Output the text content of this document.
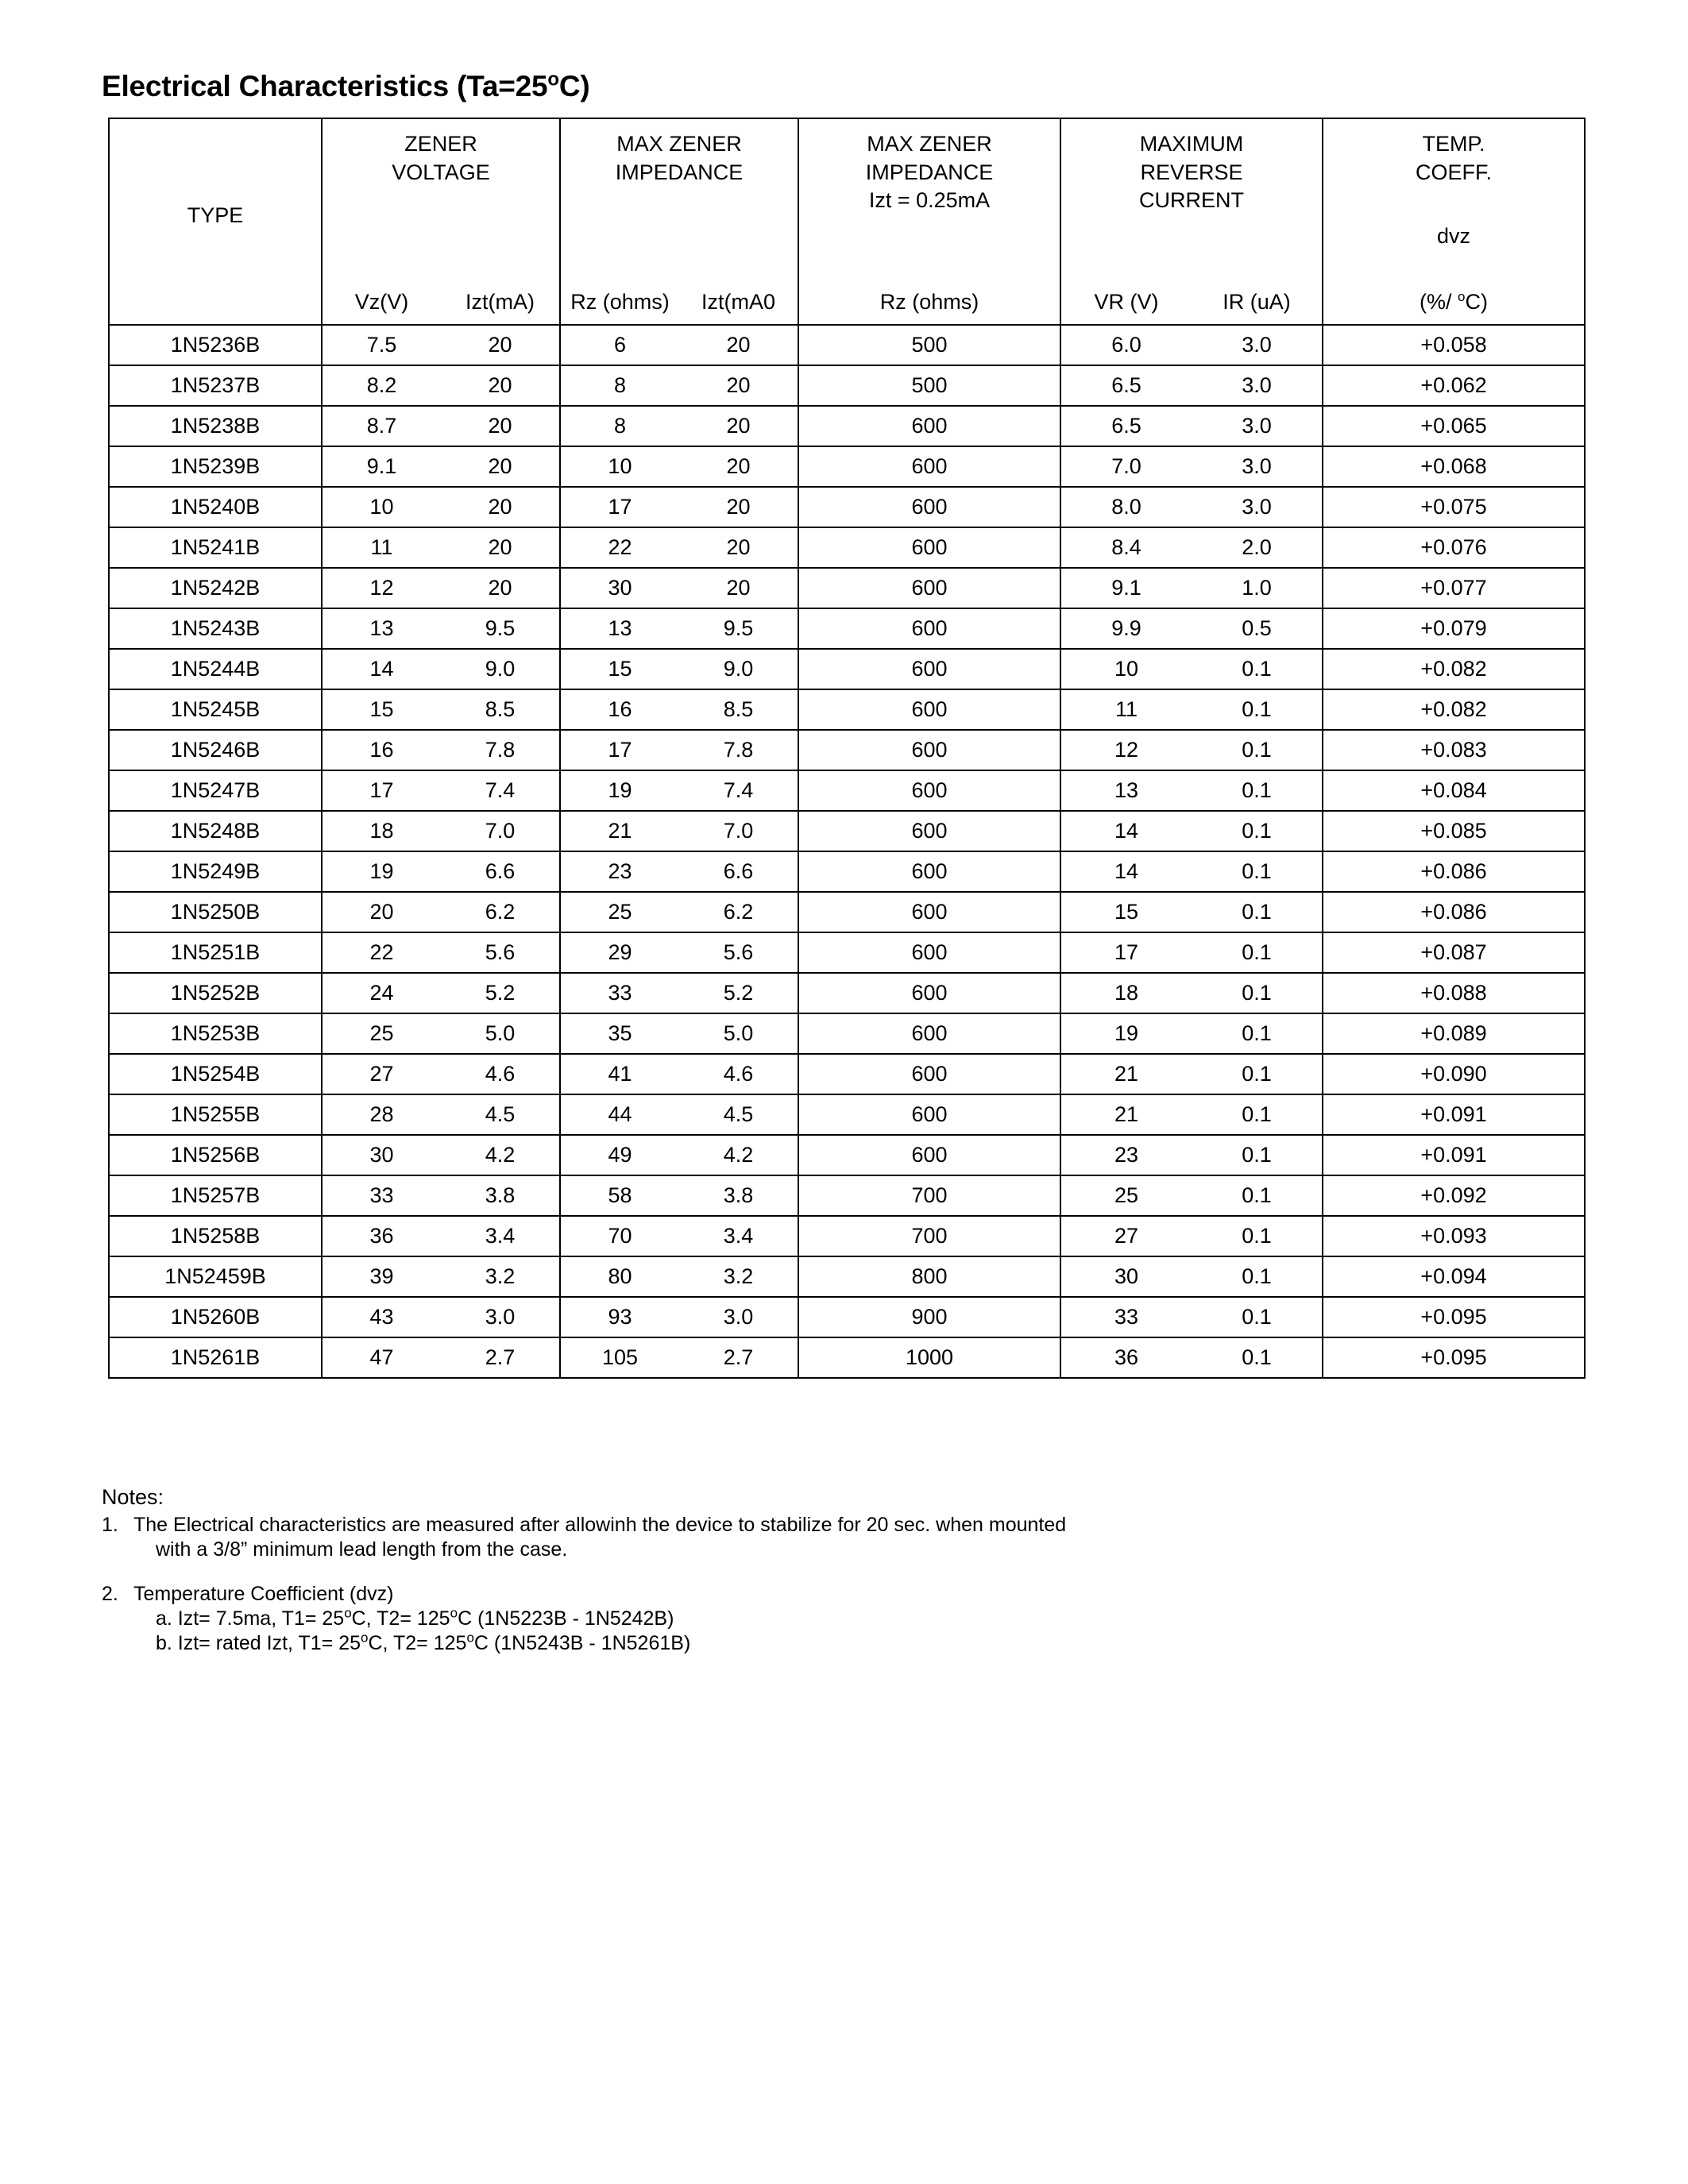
Electrical Characteristics $(Ta=25^oC)$
TYPE

ZENER
VOLTAGE
Vz(V)	Izt(mA)

MAX ZENER
IMPEDANCE
Rz (ohms)	Izt(mA0

MAX ZENER
IMPEDANCE
Izt = 0.25mA
Rz (ohms)

MAXIMUM
REVERSE
CURRENT
VR (V)	IR (uA)

TEMP.
COEFF.
dvz
(%/ $^o$C)

1N5236B	7.5 20	6 20	500	6.0 3.0	+0.058
1N5237B	8.2 20	8 20	500	6.5 3.0	+0.062
1N5238B	8.7 20	8 20	600	6.5 3.0	+0.065
1N5239B	9.1 20	10 20	600	7.0 3.0	+0.068
1N5240B	10 20	17 20	600	8.0 3.0	+0.075
1N5241B	11 20	22 20	600	8.4 2.0	+0.076
1N5242B	12 20	30 20	600	9.1 1.0	+0.077
1N5243B	13 9.5	13 9.5	600	9.9 0.5	+0.079
1N5244B	14 9.0	15 9.0	600	10 0.1	+0.082
1N5245B	15 8.5	16 8.5	600	11 0.1	+0.082
1N5246B	16 7.8	17 7.8	600	12 0.1	+0.083
1N5247B	17 7.4	19 7.4	600	13 0.1	+0.084
1N5248B	18 7.0	21 7.0	600	14 0.1	+0.085
1N5249B	19 6.6	23 6.6	600	14 0.1	+0.086
1N5250B	20 6.2	25 6.2	600	15 0.1	+0.086
1N5251B	22 5.6	29 5.6	600	17 0.1	+0.087
1N5252B	24 5.2	33 5.2	600	18 0.1	+0.088
1N5253B	25 5.0	35 5.0	600	19 0.1	+0.089
1N5254B	27 4.6	41 4.6	600	21 0.1	+0.090
1N5255B	28 4.5	44 4.5	600	21 0.1	+0.091
1N5256B	30 4.2	49 4.2	600	23 0.1	+0.091
1N5257B	33 3.8	58 3.8	700	25 0.1	+0.092
1N5258B	36 3.4	70 3.4	700	27 0.1	+0.093
1N52459B	39 3.2	80 3.2	800	30 0.1	+0.094
1N5260B	43 3.0	93 3.0	900	33 0.1	+0.095
1N5261B	47 2.7	105 2.7	1000	36 0.1	+0.095
Notes:
1. The Electrical characteristics are measured after allowinh the device to stabilize for 20 sec. when mounted
with a 3/8” minimum lead length from the case.
2. Temperature Coefficient (dvz)
a. Izt= 7.5ma, $T1= 25^oC$, $T2= 125^oC$ (1N5223B - 1N5242B)
b. Izt= rated Izt, $T1= 25^oC$, $T2= 125^oC$ (1N5243B - 1N5261B)
